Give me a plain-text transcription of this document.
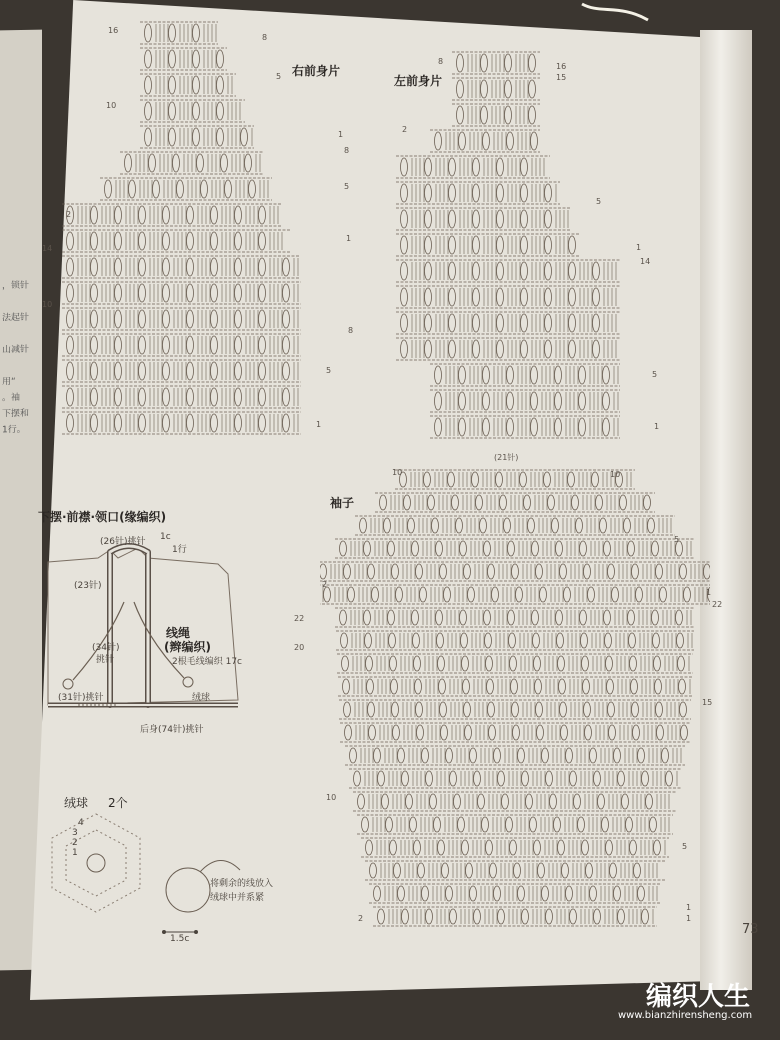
，锁针
法起针
山减针
用“
。袖
下摆和
1行。
右前身片
16
10
2
14
10
8
5
1
8
5
1
8
5
1
左前身片
8
2
16
15
5
1
14
5
1
袖子
(21针)
10
2
22
20
10
2
10
5
1
22
15
5
1
1
下摆·前襟·领口(缘编织)
(26针)挑针 1c
1行
(23针)
(34针)
挑针
线绳
(辫编织)
2根毛线编织 17c
(31针)挑针	绒球
后身(74针)挑针
绒球 2个
4
3
2
1
将剩余的线放入
绒球中并系紧
1.5c
73
编织人生
www.bianzhirensheng.com
